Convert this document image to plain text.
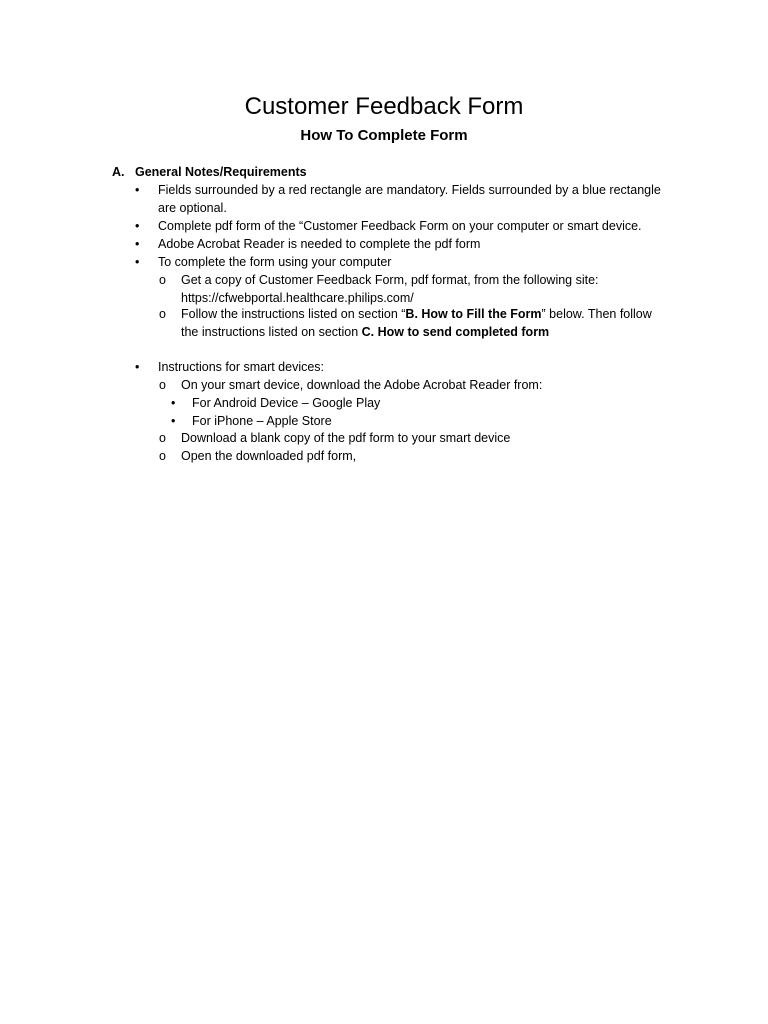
Customer Feedback Form
How To Complete Form
A. General Notes/Requirements
• Fields surrounded by a red rectangle are mandatory. Fields surrounded by a blue rectangle
are optional.
• Complete pdf form of the “Customer Feedback Form on your computer or smart device.
• Adobe Acrobat Reader is needed to complete the pdf form
• To complete the form using your computer
o Get a copy of Customer Feedback Form, pdf format, from the following site:
https://cfwebportal.healthcare.philips.com/
o Follow the instructions listed on section “B. How to Fill the Form” below. Then follow
the instructions listed on section C. How to send completed form
• Instructions for smart devices:
o On your smart device, download the Adobe Acrobat Reader from:
• For Android Device – Google Play
• For iPhone – Apple Store
o Download a blank copy of the pdf form to your smart device
o Open the downloaded pdf form,
